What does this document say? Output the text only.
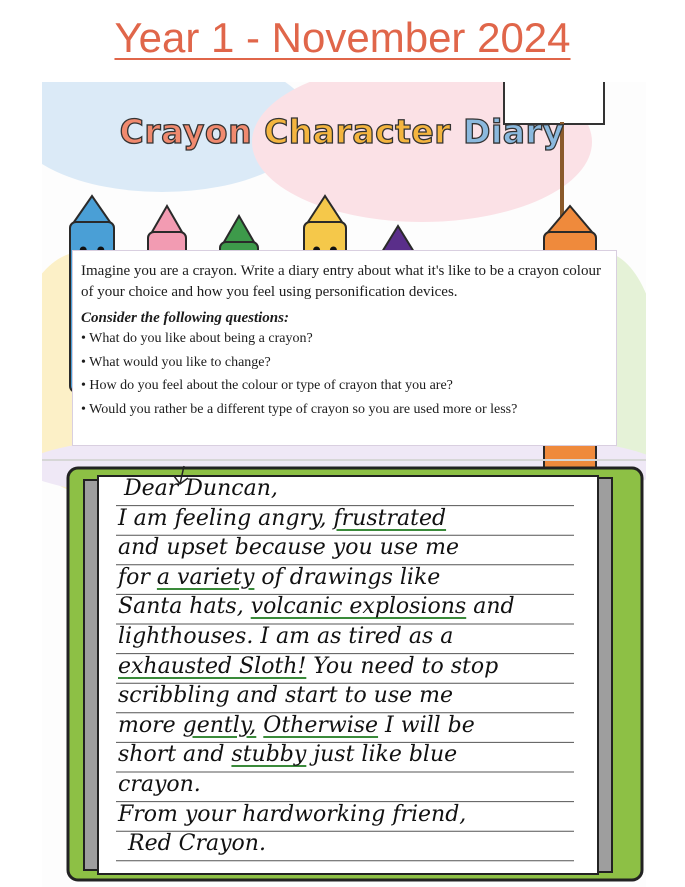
Year 1 - November 2024
Crayon Character Diary

Imagine you are a crayon. Write a diary entry about what it's like to be a crayon colour of your choice and how you feel using personification devices.

Consider the following questions:

• What do you like about being a crayon?
• What would you like to change?
• How do you feel about the colour or type of crayon that you are?
• Would you rather be a different type of crayon so you are used more or less?
Dear Duncan,
I am feeling angry, frustrated
and upset because you use me
for a variety of drawings like
Santa hats, volcanic explosions and
lighthouses. I am as tired as a
exhausted Sloth! You need to stop
scribbling and start to use me
more gently, Otherwise I will be
short and stubby just like blue
crayon.
From your hardworking friend,
Red Crayon.
